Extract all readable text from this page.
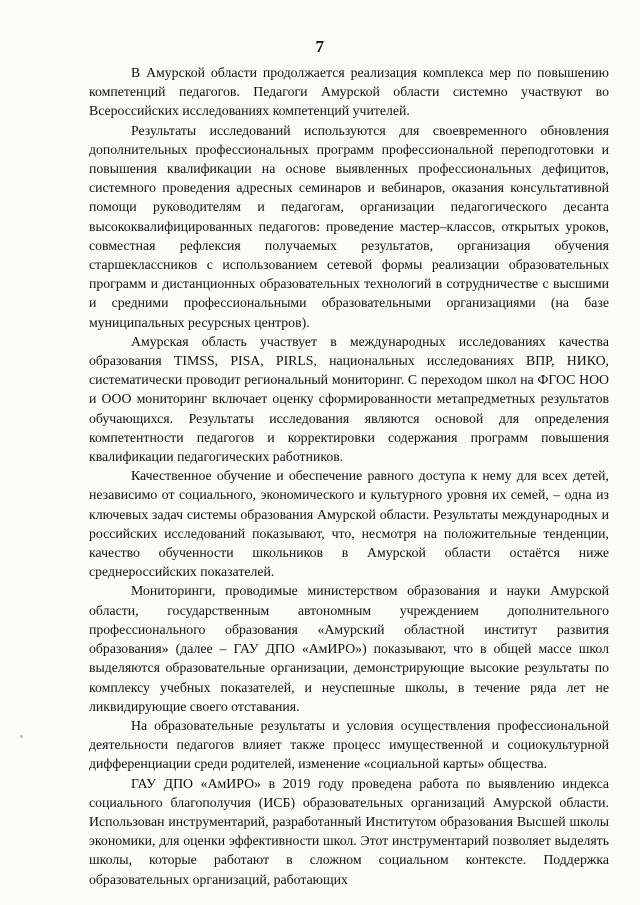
7

В Амурской области продолжается реализация комплекса мер по повышению компетенций педагогов. Педагоги Амурской области системно участвуют во Всероссийских исследованиях компетенций учителей.

Результаты исследований используются для своевременного обновления дополнительных профессиональных программ профессиональной переподготовки и повышения квалификации на основе выявленных профессиональных дефицитов, системного проведения адресных семинаров и вебинаров, оказания консультативной помощи руководителям и педагогам, организации педагогического десанта высококвалифицированных педагогов: проведение мастер–классов, открытых уроков, совместная рефлексия получаемых результатов, организация обучения старшеклассников с использованием сетевой формы реализации образовательных программ и дистанционных образовательных технологий в сотрудничестве с высшими и средними профессиональными образовательными организациями (на базе муниципальных ресурсных центров).

Амурская область участвует в международных исследованиях качества образования TIMSS, PISA, PIRLS, национальных исследованиях ВПР, НИКО, систематически проводит региональный мониторинг. С переходом школ на ФГОС НОО и ООО мониторинг включает оценку сформированности метапредметных результатов обучающихся. Результаты исследования являются основой для определения компетентности педагогов и корректировки содержания программ повышения квалификации педагогических работников.

Качественное обучение и обеспечение равного доступа к нему для всех детей, независимо от социального, экономического и культурного уровня их семей, – одна из ключевых задач системы образования Амурской области. Результаты международных и российских исследований показывают, что, несмотря на положительные тенденции, качество обученности школьников в Амурской области остаётся ниже среднероссийских показателей.

Мониторинги, проводимые министерством образования и науки Амурской области, государственным автономным учреждением дополнительного профессионального образования «Амурский областной институт развития образования» (далее – ГАУ ДПО «АмИРО») показывают, что в общей массе школ выделяются образовательные организации, демонстрирующие высокие результаты по комплексу учебных показателей, и неуспешные школы, в течение ряда лет не ликвидирующие своего отставания.

На образовательные результаты и условия осуществления профессиональной деятельности педагогов влияет также процесс имущественной и социокультурной дифференциации среди родителей, изменение «социальной карты» общества.

ГАУ ДПО «АмИРО» в 2019 году проведена работа по выявлению индекса социального благополучия (ИСБ) образовательных организаций Амурской области. Использован инструментарий, разработанный Институтом образования Высшей школы экономики, для оценки эффективности школ. Этот инструментарий позволяет выделять школы, которые работают в сложном социальном контексте. Поддержка образовательных организаций, работающих
